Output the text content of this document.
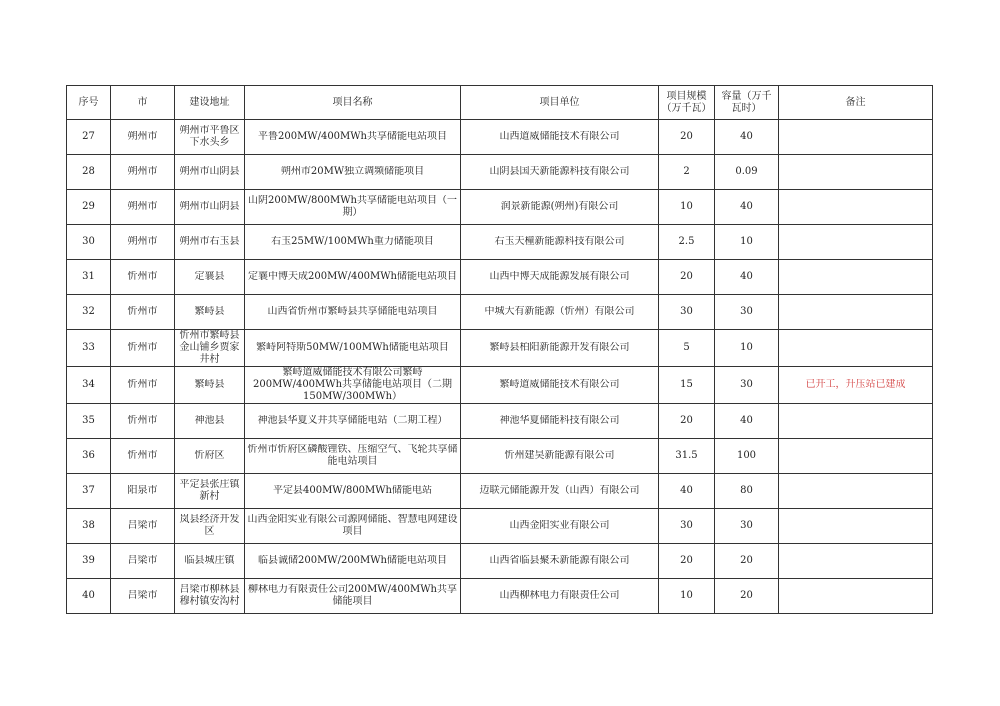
序号	市	建设地址	项目名称	项目单位	项目规模（万千瓦）	容量（万千瓦时）	备注

27	朔州市	朔州市平鲁区下水头乡	平鲁200MW/400MWh共享储能电站项目	山西道威储能技术有限公司	20	40	

28	朔州市	朔州市山阴县	朔州市20MW独立调频储能项目	山阴县国天新能源科技有限公司	2	0.09	

29	朔州市	朔州市山阴县	山阴200MW/800MWh共享储能电站项目（一期）	润景新能源(朔州)有限公司	10	40	

30	朔州市	朔州市右玉县	右玉25MW/100MWh重力储能项目	右玉天橦新能源科技有限公司	2.5	10	

31	忻州市	定襄县	定襄中博天成200MW/400MWh储能电站项目	山西中博天成能源发展有限公司	20	40	

32	忻州市	繁峙县	山西省忻州市繁峙县共享储能电站项目	中城大有新能源（忻州）有限公司	30	30	

33	忻州市	忻州市繁峙县金山铺乡贾家井村	繁峙阿特斯50MW/100MWh储能电站项目	繁峙县柏阳新能源开发有限公司	5	10	

34	忻州市	繁峙县	繁峙道威储能技术有限公司繁峙200MW/400MWh共享储能电站项目（二期150MW/300MWh）	繁峙道威储能技术有限公司	15	30	已开工，升压站已建成

35	忻州市	神池县	神池县华夏义井共享储能电站（二期工程）	神池华夏储能科技有限公司	20	40	

36	忻州市	忻府区	忻州市忻府区磷酸锂铁、压缩空气、飞轮共享储能电站项目	忻州建昊新能源有限公司	31.5	100	

37	阳泉市	平定县张庄镇新村	平定县400MW/800MWh储能电站	迈联元储能源开发（山西）有限公司	40	80	

38	吕梁市	岚县经济开发区	山西金阳实业有限公司源网储能、智慧电网建设项目	山西金阳实业有限公司	30	30	

39	吕梁市	临县城庄镇	临县诚储200MW/200MWh储能电站项目	山西省临县聚禾新能源有限公司	20	20	

40	吕梁市	吕梁市柳林县穆村镇安沟村	柳林电力有限责任公司200MW/400MWh共享储能项目	山西柳林电力有限责任公司	10	20	
